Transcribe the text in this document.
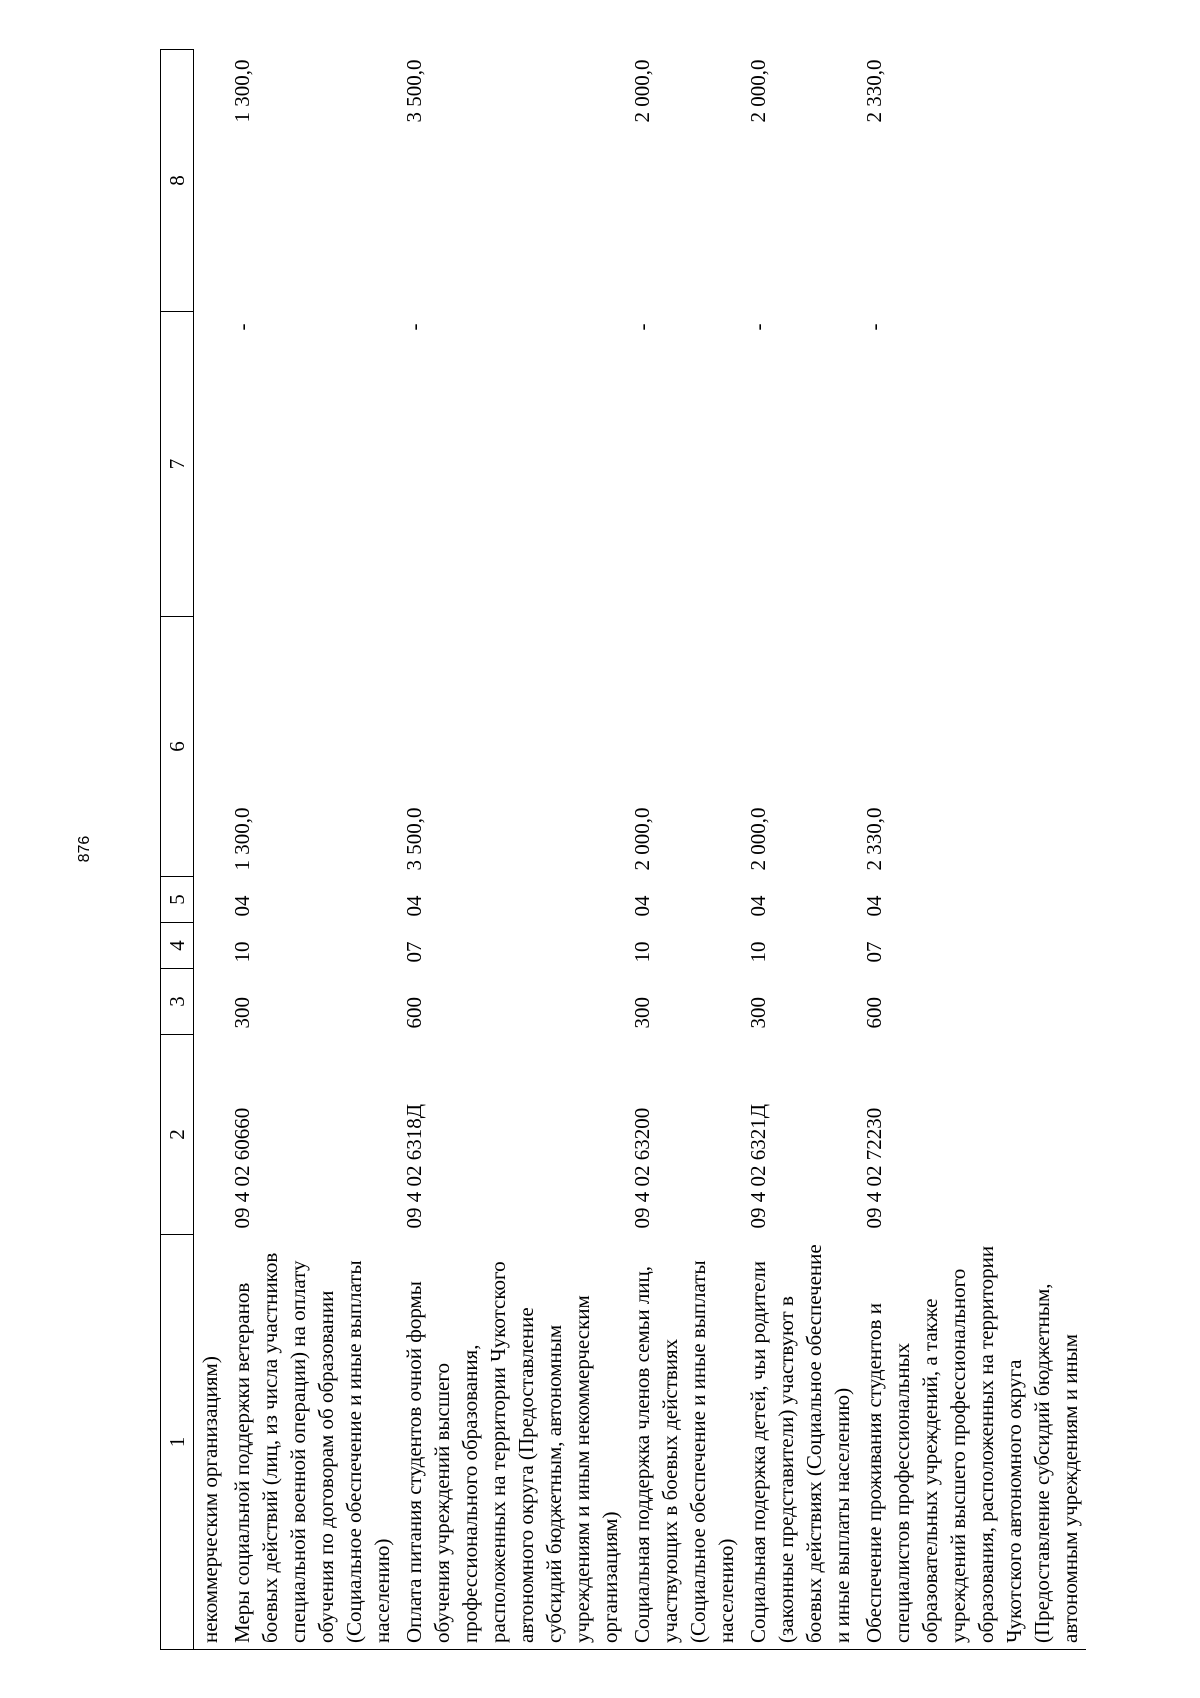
876
1	2	3	4	5	6	7	8
некоммерческим организациям)							
Меры социальной поддержки ветеранов боевых действий (лиц, из числа участников специальной военной операции) на оплату обучения по договорам об образовании (Социальное обеспечение и иные выплаты населению)	09 4 02 60660	300	10	04	1 300,0	-	1 300,0
Оплата питания студентов очной формы обучения учреждений высшего профессионального образования, расположенных на территории Чукотского автономного округа (Предоставление субсидий бюджетным, автономным учреждениям и иным некоммерческим организациям)	09 4 02 6318Д	600	07	04	3 500,0	-	3 500,0
Социальная поддержка членов семьи лиц, участвующих в боевых действиях (Социальное обеспечение и иные выплаты населению)	09 4 02 63200	300	10	04	2 000,0	-	2 000,0
Социальная подержка детей, чьи родители (законные представители) участвуют в боевых действиях (Социальное обеспечение и иные выплаты населению)	09 4 02 6321Д	300	10	04	2 000,0	-	2 000,0
Обеспечение проживания студентов и специалистов профессиональных образовательных учреждений, а также учреждений высшего профессионального образования, расположенных на территории Чукотского автономного округа (Предоставление субсидий бюджетным, автономным учреждениям и иным	09 4 02 72230	600	07	04	2 330,0	-	2 330,0
